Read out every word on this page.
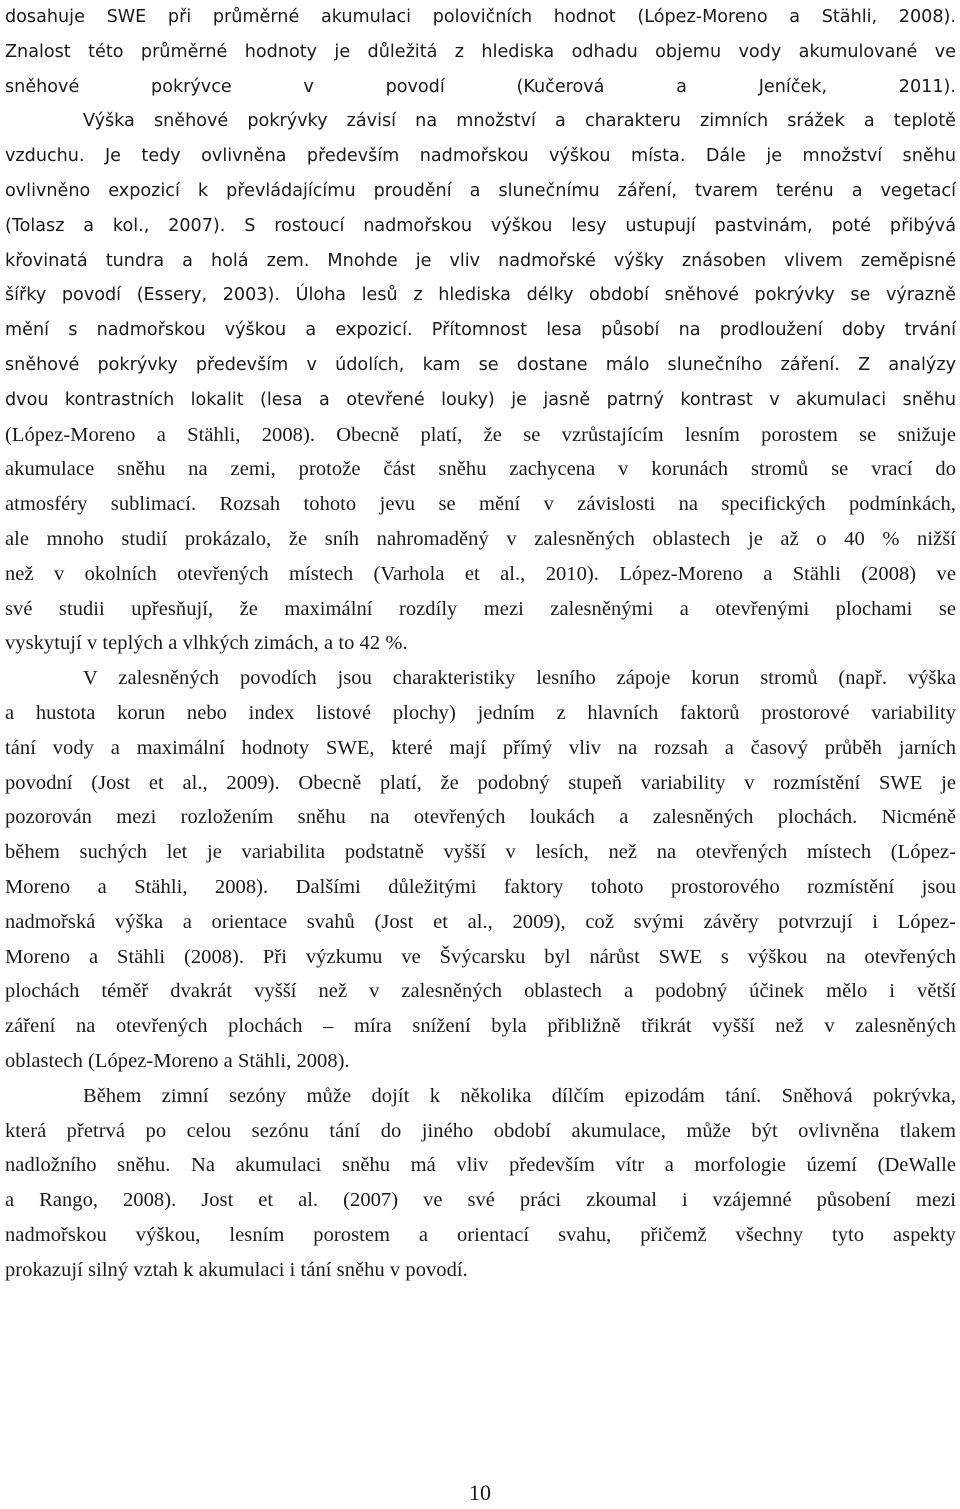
dosahuje SWE při průměrné akumulaci polovičních hodnot (López-Moreno a Stähli, 2008).
Znalost této průměrné hodnoty je důležitá z hlediska odhadu objemu vody akumulované ve
sněhové pokrývce v povodí (Kučerová a Jeníček, 2011).
Výška sněhové pokrývky závisí na množství a charakteru zimních srážek a teplotě
vzduchu. Je tedy ovlivněna především nadmořskou výškou místa. Dále je množství sněhu
ovlivněno expozicí k převládajícímu proudění a slunečnímu záření, tvarem terénu a vegetací
(Tolasz a kol., 2007). S rostoucí nadmořskou výškou lesy ustupují pastvinám, poté přibývá
křovinatá tundra a holá zem. Mnohde je vliv nadmořské výšky znásoben vlivem zeměpisné
šířky povodí (Essery, 2003). Úloha lesů z hlediska délky období sněhové pokrývky se výrazně
mění s nadmořskou výškou a expozicí. Přítomnost lesa působí na prodloužení doby trvání
sněhové pokrývky především v údolích, kam se dostane málo slunečního záření. Z analýzy
dvou kontrastních lokalit (lesa a otevřené louky) je jasně patrný kontrast v akumulaci sněhu
(López-Moreno a Stähli, 2008). Obecně platí, že se vzrůstajícím lesním porostem se snižuje
akumulace sněhu na zemi, protože část sněhu zachycena v korunách stromů se vrací do
atmosféry sublimací. Rozsah tohoto jevu se mění v závislosti na specifických podmínkách,
ale mnoho studií prokázalo, že sníh nahromaděný v zalesněných oblastech je až o 40 % nižší
než v okolních otevřených místech (Varhola et al., 2010). López-Moreno a Stähli (2008) ve
své studii upřesňují, že maximální rozdíly mezi zalesněnými a otevřenými plochami se
vyskytují v teplých a vlhkých zimách, a to 42 %.
V zalesněných povodích jsou charakteristiky lesního zápoje korun stromů (např. výška
a hustota korun nebo index listové plochy) jedním z hlavních faktorů prostorové variability
tání vody a maximální hodnoty SWE, které mají přímý vliv na rozsah a časový průběh jarních
povodní (Jost et al., 2009). Obecně platí, že podobný stupeň variability v rozmístění SWE je
pozorován mezi rozložením sněhu na otevřených loukách a zalesněných plochách. Nicméně
během suchých let je variabilita podstatně vyšší v lesích, než na otevřených místech (López-
Moreno a Stähli, 2008). Dalšími důležitými faktory tohoto prostorového rozmístění jsou
nadmořská výška a orientace svahů (Jost et al., 2009), což svými závěry potvrzují i López-
Moreno a Stähli (2008). Při výzkumu ve Švýcarsku byl nárůst SWE s výškou na otevřených
plochách téměř dvakrát vyšší než v zalesněných oblastech a podobný účinek mělo i větší
záření na otevřených plochách – míra snížení byla přibližně třikrát vyšší než v zalesněných
oblastech (López-Moreno a Stähli, 2008).
Během zimní sezóny může dojít k několika dílčím epizodám tání. Sněhová pokrývka,
která přetrvá po celou sezónu tání do jiného období akumulace, může být ovlivněna tlakem
nadložního sněhu. Na akumulaci sněhu má vliv především vítr a morfologie území (DeWalle
a Rango, 2008). Jost et al. (2007) ve své práci zkoumal i vzájemné působení mezi
nadmořskou výškou, lesním porostem a orientací svahu, přičemž všechny tyto aspekty
prokazují silný vztah k akumulaci i tání sněhu v povodí.
10
